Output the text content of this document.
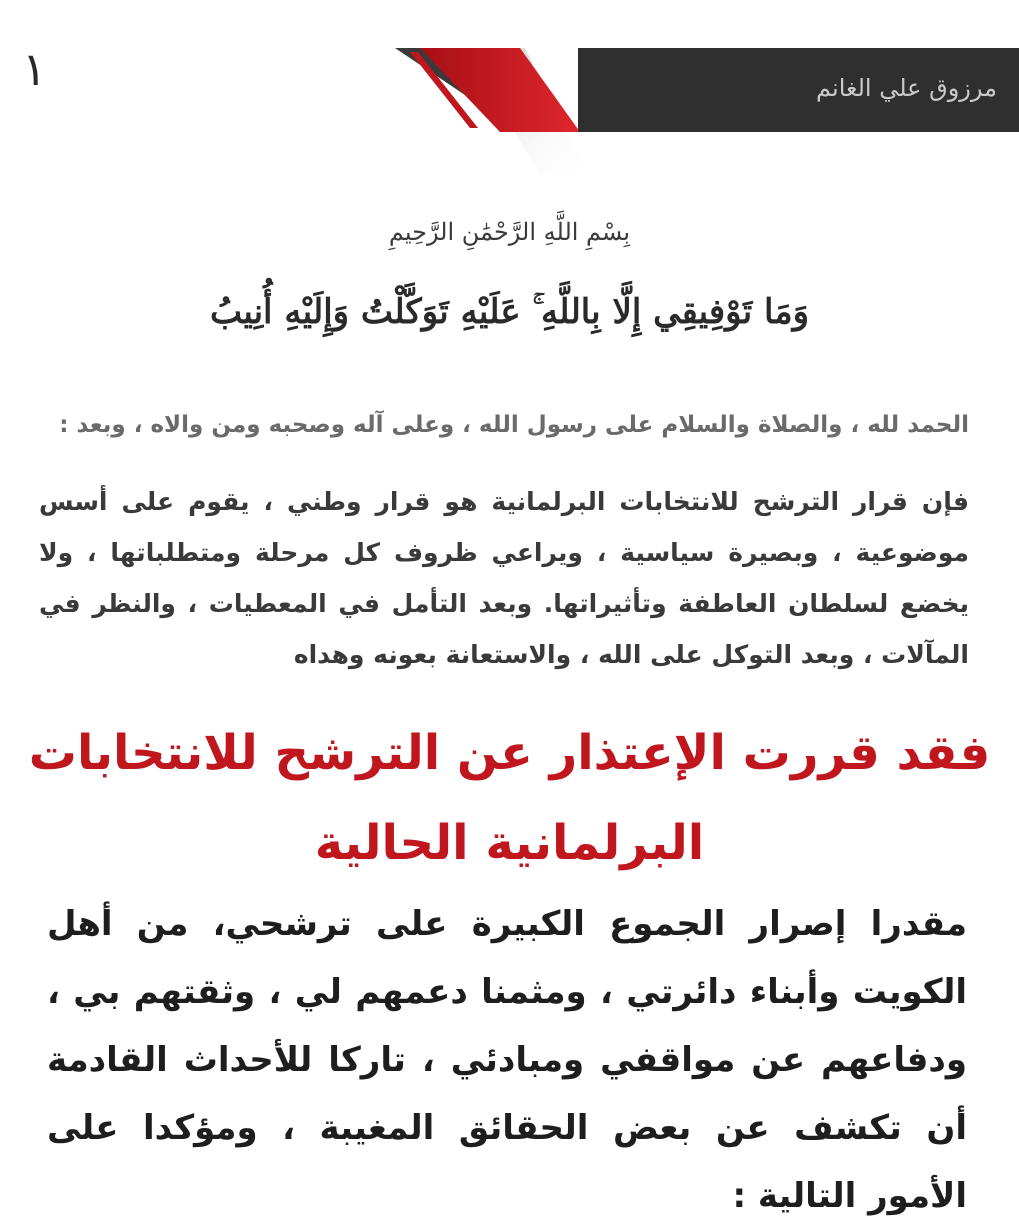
مرزوق علي الغانم
١
بِسْمِ اللَّهِ الرَّحْمَٰنِ الرَّحِيمِ
وَمَا تَوْفِيقِي إِلَّا بِاللَّهِ ۚ عَلَيْهِ تَوَكَّلْتُ وَإِلَيْهِ أُنِيبُ
الحمد لله ، والصلاة والسلام على رسول الله ، وعلى آله وصحبه ومن والاه ، وبعد :

فإن قرار الترشح للانتخابات البرلمانية هو قرار وطني ، يقوم على أسس موضوعية ، وبصيرة سياسية ، ويراعي ظروف كل مرحلة ومتطلباتها ، ولا يخضع لسلطان العاطفة وتأثيراتها. وبعد التأمل في المعطيات ، والنظر في المآلات ، وبعد التوكل على الله ، والاستعانة بعونه وهداه

فقد قررت الإعتذار عن الترشح للانتخابات البرلمانية الحالية

مقدرا إصرار الجموع الكبيرة على ترشحي، من أهل الكويت وأبناء دائرتي ، ومثمنا دعمهم لي ، وثقتهم بي ، ودفاعهم عن مواقفي ومبادئي ، تاركا للأحداث القادمة أن تكشف عن بعض الحقائق المغيبة ، ومؤكدا على الأمور التالية :
